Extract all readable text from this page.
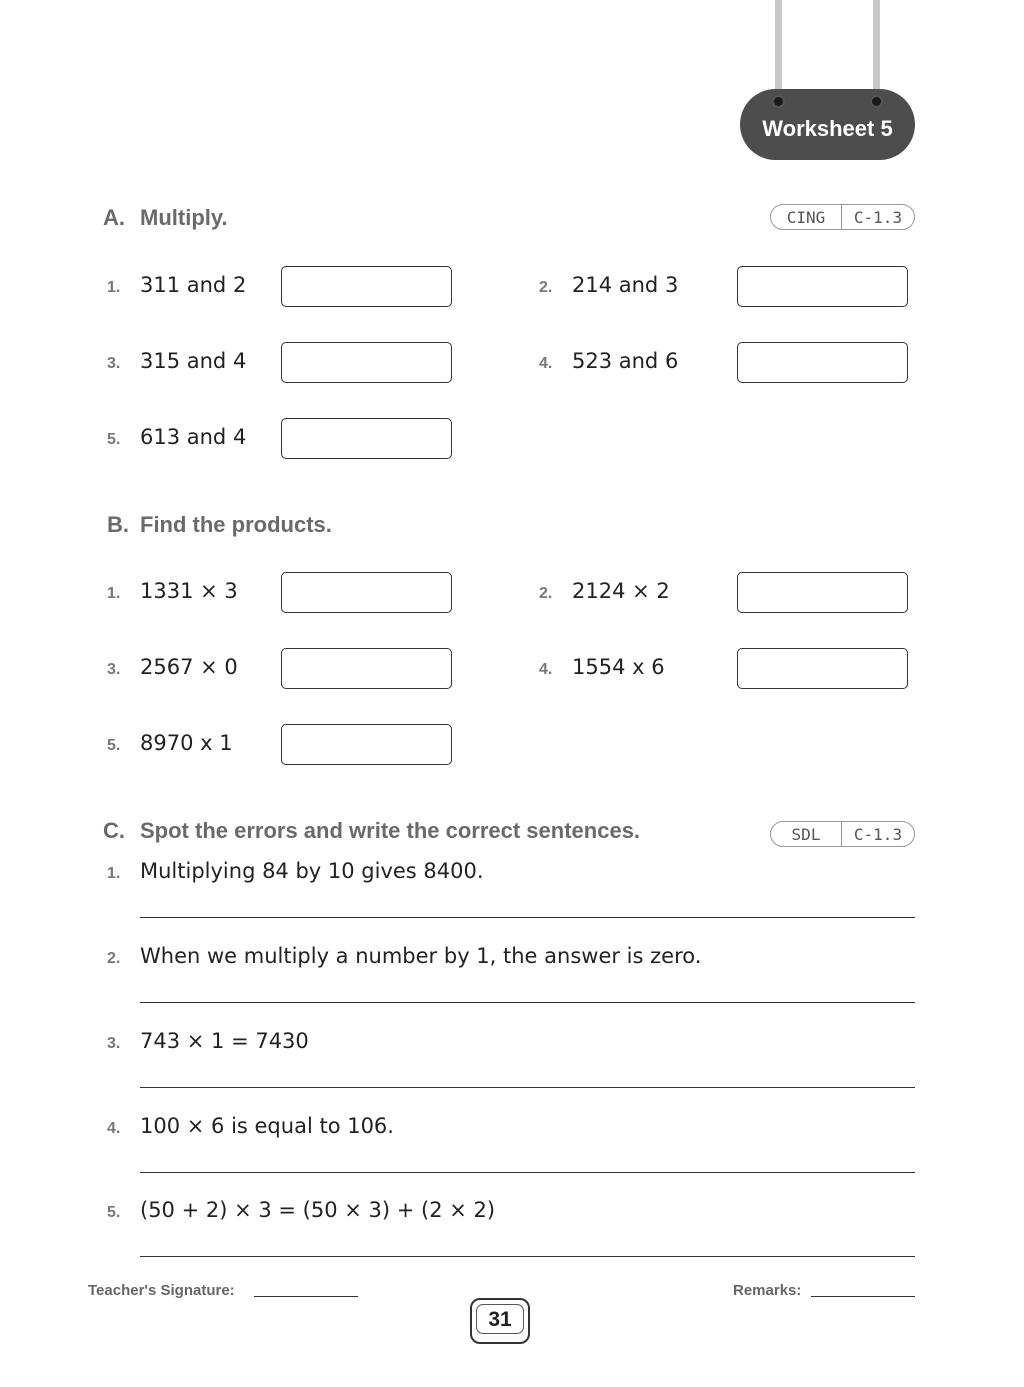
Worksheet 5
A. Multiply.	CING	C-1.3
1. 311 and 2	2. 214 and 3
3. 315 and 4	4. 523 and 6
5. 613 and 4
B. Find the products.
1. 1331 × 3	2. 2124 × 2
3. 2567 × 0	4. 1554 x 6
5. 8970 x 1
C. Spot the errors and write the correct sentences.	SDL	C-1.3
1. Multiplying 84 by 10 gives 8400.
2. When we multiply a number by 1, the answer is zero.
3. 743 × 1 = 7430
4. 100 × 6 is equal to 106.
5. (50 + 2) × 3 = (50 × 3) + (2 × 2)
Teacher's Signature:	Remarks:
31
